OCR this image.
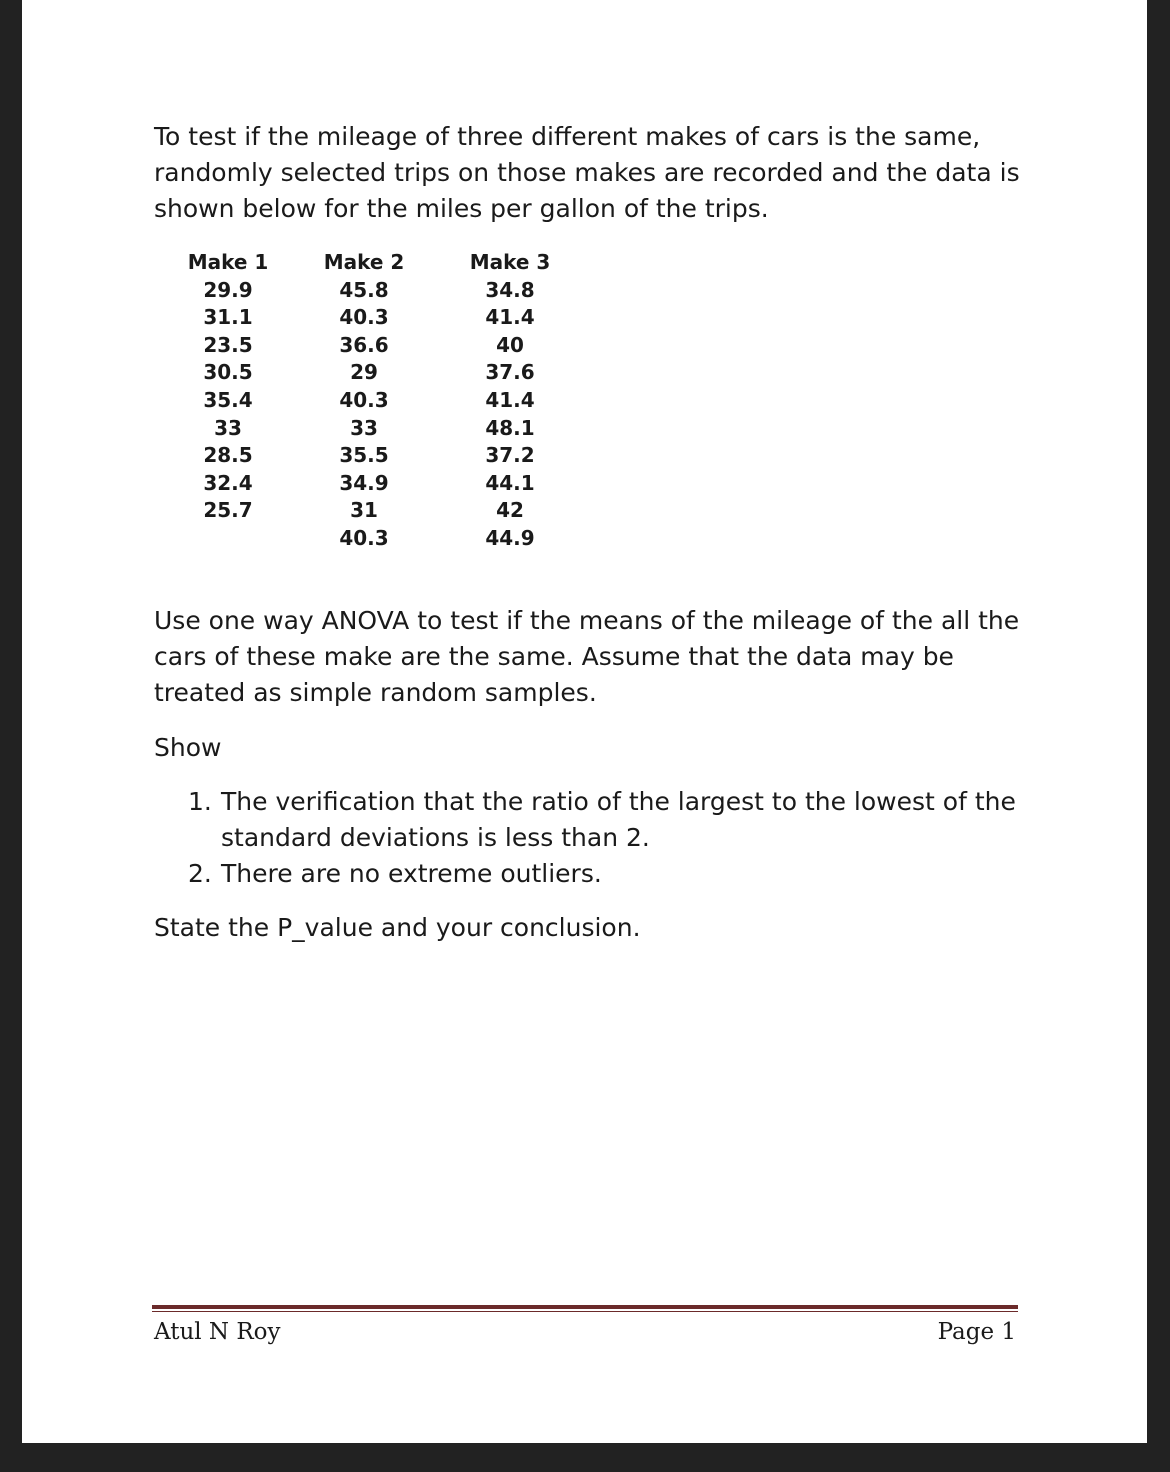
To test if the mileage of three different makes of cars is the same, randomly selected trips on those makes are recorded and the data is shown below for the miles per gallon of the trips.

Make 1
29.9
31.1
23.5
30.5
35.4
33
28.5
32.4
25.7
Make 2
45.8
40.3
36.6
29
40.3
33
35.5
34.9
31
40.3
Make 3
34.8
41.4
40
37.6
41.4
48.1
37.2
44.1
42
44.9

Use one way ANOVA to test if the means of the mileage of the all the cars of these make are the same. Assume that the data may be treated as simple random samples.

Show

1. The verification that the ratio of the largest to the lowest of the standard deviations is less than 2.
2. There are no extreme outliers.

State the P_value and your conclusion.

Atul N Roy	Page 1
